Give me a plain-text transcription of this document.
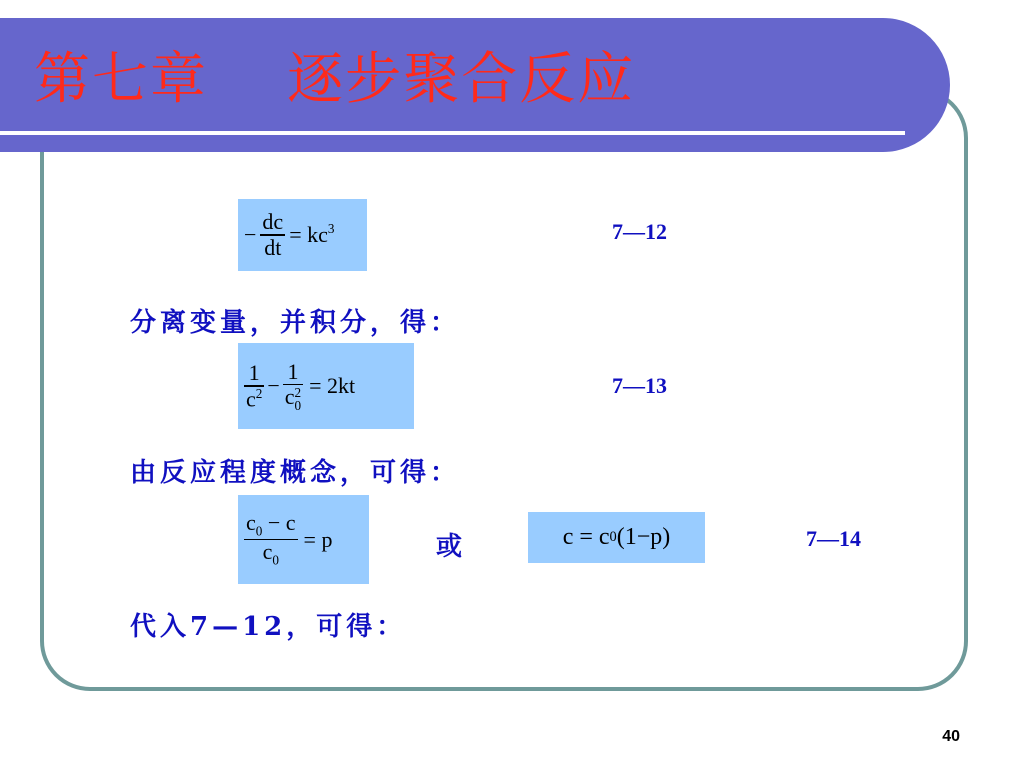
第七章    逐步聚合反应
− $\frac{dc}{dt} = kc^3$	7—12
分离变量，并积分，得：
$\frac{1}{c^2} - 1$
c 2
0 = 2kt	7—13
由反应程度概念，可得：
$\frac{c_0 - c}{c_0} = p$	或	c = c 0 (1−p)	7—14
代入7—12，可得：
40
